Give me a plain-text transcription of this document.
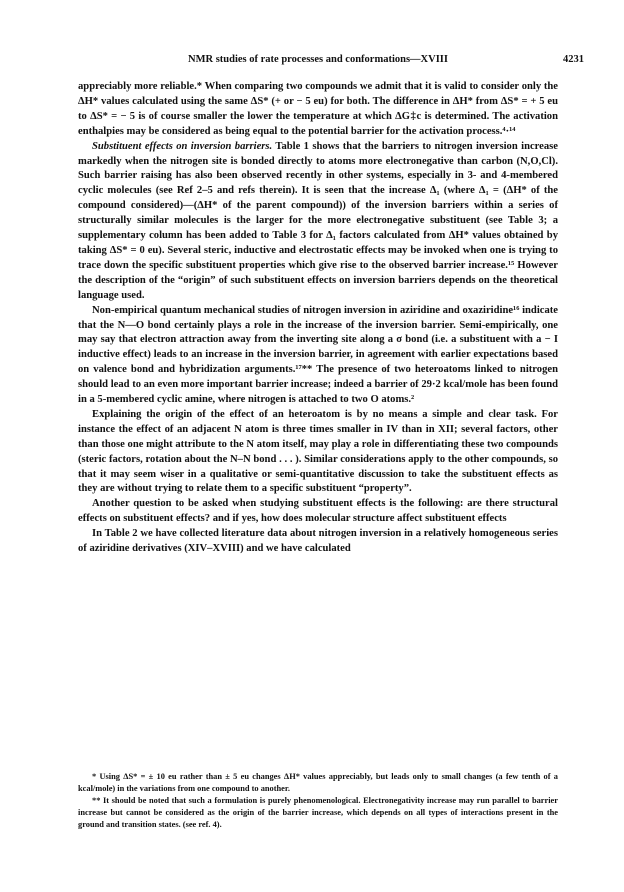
NMR studies of rate processes and conformations—XVIII	4231

appreciably more reliable.* When comparing two compounds we admit that it is valid to consider only the ΔH* values calculated using the same ΔS* (+ or − 5 eu) for both. The difference in ΔH* from ΔS* = + 5 eu to ΔS* = − 5 is of course smaller the lower the temperature at which ΔG‡c is determined. The activation enthalpies may be considered as being equal to the potential barrier for the activation process.⁴·¹⁴

Substituent effects on inversion barriers. Table 1 shows that the barriers to nitrogen inversion increase markedly when the nitrogen site is bonded directly to atoms more electronegative than carbon (N,O,Cl). Such barrier raising has also been observed recently in other systems, especially in 3- and 4-membered cyclic molecules (see Ref 2–5 and refs therein). It is seen that the increase Δ₁ (where Δ₁ = (ΔH* of the compound considered)—(ΔH* of the parent compound)) of the inversion barriers within a series of structurally similar molecules is the larger for the more electronegative substituent (see Table 3; a supplementary column has been added to Table 3 for Δ₁ factors calculated from ΔH* values obtained by taking ΔS* = 0 eu). Several steric, inductive and electrostatic effects may be invoked when one is trying to trace down the specific substituent properties which give rise to the observed barrier increase.¹⁵ However the description of the “origin” of such substituent effects on inversion barriers depends on the theoretical language used.

Non-empirical quantum mechanical studies of nitrogen inversion in aziridine and oxaziridine¹⁶ indicate that the N—O bond certainly plays a role in the increase of the inversion barrier. Semi-empirically, one may say that electron attraction away from the inverting site along a σ bond (i.e. a substituent with a − I inductive effect) leads to an increase in the inversion barrier, in agreement with earlier expectations based on valence bond and hybridization arguments.¹⁷** The presence of two heteroatoms linked to nitrogen should lead to an even more important barrier increase; indeed a barrier of 29·2 kcal/mole has been found in a 5-membered cyclic amine, where nitrogen is attached to two O atoms.²

Explaining the origin of the effect of an heteroatom is by no means a simple and clear task. For instance the effect of an adjacent N atom is three times smaller in IV than in XII; several factors, other than those one might attribute to the N atom itself, may play a role in differentiating these two compounds (steric factors, rotation about the N–N bond . . . ). Similar considerations apply to the other compounds, so that it may seem wiser in a qualitative or semi-quantitative discussion to take the substituent effects as they are without trying to relate them to a specific substituent “property”.

Another question to be asked when studying substituent effects is the following: are there structural effects on substituent effects? and if yes, how does molecular structure affect substituent effects

In Table 2 we have collected literature data about nitrogen inversion in a relatively homogeneous series of aziridine derivatives (XIV–XVIII) and we have calculated

* Using ΔS* = ± 10 eu rather than ± 5 eu changes ΔH* values appreciably, but leads only to small changes (a few tenth of a kcal/mole) in the variations from one compound to another.

** It should be noted that such a formulation is purely phenomenological. Electronegativity increase may run parallel to barrier increase but cannot be considered as the origin of the barrier increase, which depends on all types of interactions present in the ground and transition states. (see ref. 4).
